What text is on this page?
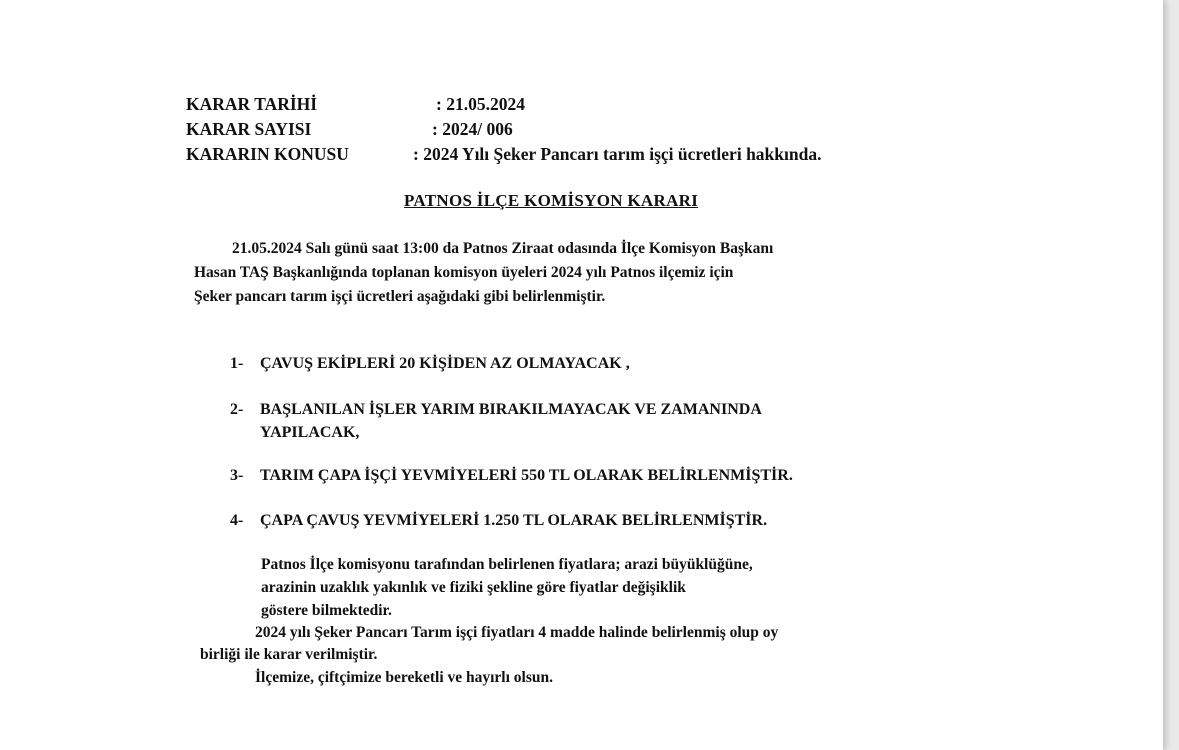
KARAR TARİHİ	: 21.05.2024
KARAR SAYISI	: 2024/ 006
KARARIN KONUSU	: 2024 Yılı Şeker Pancarı tarım işçi ücretleri hakkında.
PATNOS İLÇE KOMİSYON KARARI
21.05.2024 Salı günü saat 13:00 da Patnos Ziraat odasında İlçe Komisyon Başkanı
Hasan TAŞ Başkanlığında toplanan komisyon üyeleri 2024 yılı Patnos ilçemiz için
Şeker pancarı tarım işçi ücretleri aşağıdaki gibi belirlenmiştir.
1- ÇAVUŞ EKİPLERİ 20 KİŞİDEN AZ OLMAYACAK ,
2- BAŞLANILAN İŞLER YARIM BIRAKILMAYACAK VE ZAMANINDA
YAPILACAK,
3- TARIM ÇAPA İŞÇİ YEVMİYELERİ 550 TL OLARAK BELİRLENMİŞTİR.
4- ÇAPA ÇAVUŞ YEVMİYELERİ 1.250 TL OLARAK BELİRLENMİŞTİR.
Patnos İlçe komisyonu tarafından belirlenen fiyatlara; arazi büyüklüğüne,
arazinin uzaklık yakınlık ve fiziki şekline göre fiyatlar değişiklik
göstere bilmektedir.
2024 yılı Şeker Pancarı Tarım işçi fiyatları 4 madde halinde belirlenmiş olup oy
birliği ile karar verilmiştir.
İlçemize, çiftçimize bereketli ve hayırlı olsun.
